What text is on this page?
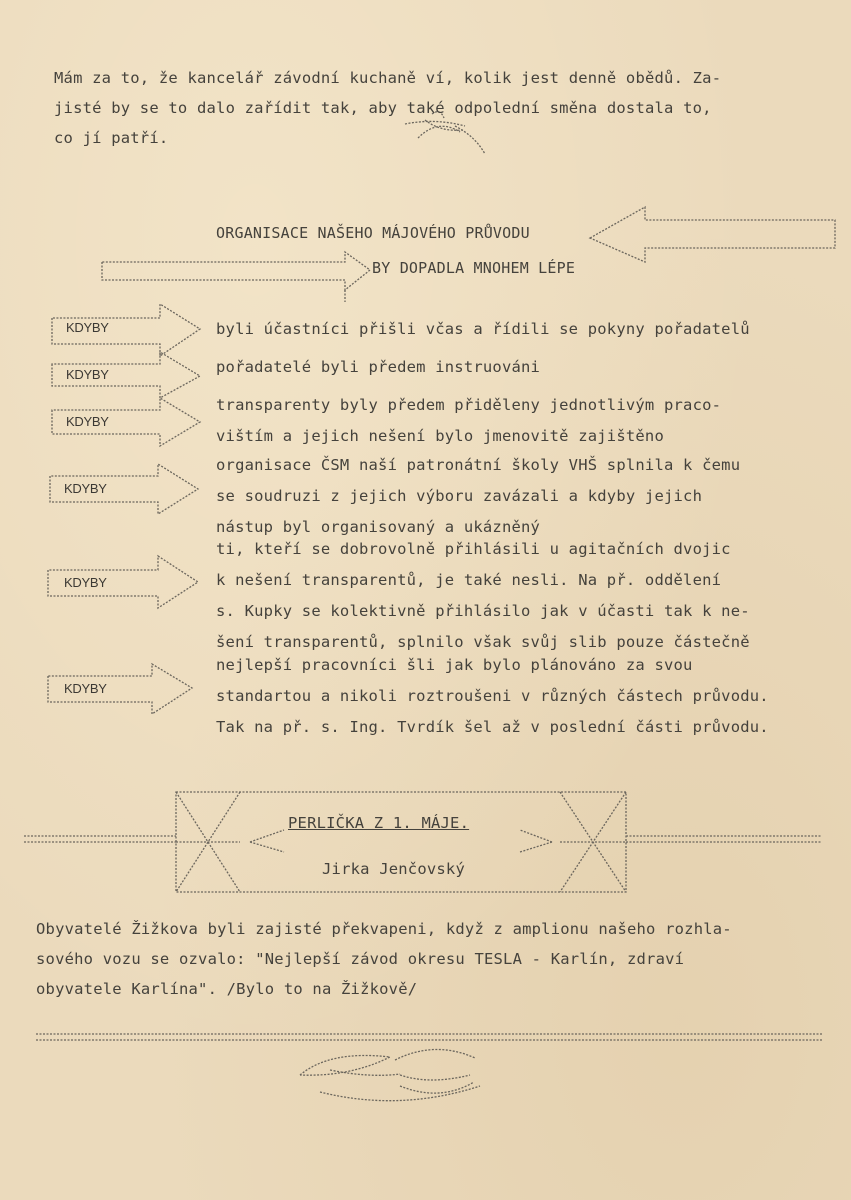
KDYBY
KDYBY
KDYBY
KDYBY
KDYBY
KDYBY
Mám za to, že kancelář závodní kuchaně ví, kolik jest denně obědů. Za-
jisté by se to dalo zařídit tak, aby také odpolední směna dostala to,
co jí patří.
ORGANISACE NAŠEHO MÁJOVÉHO PRŮVODU
BY DOPADLA MNOHEM LÉPE
byli účastníci přišli včas a řídili se pokyny pořadatelů
pořadatelé byli předem instruováni
transparenty byly předem přiděleny jednotlivým praco-
vištím a jejich nešení bylo jmenovitě zajištěno
organisace ČSM naší patronátní školy VHŠ splnila k čemu
se soudruzi z jejich výboru zavázali a kdyby jejich
nástup byl organisovaný a ukázněný
ti, kteří se dobrovolně přihlásili u agitačních dvojic
k nešení transparentů, je také nesli. Na př. oddělení
s. Kupky se kolektivně přihlásilo jak v účasti tak k ne-
šení transparentů, splnilo však svůj slib pouze částečně
nejlepší pracovníci šli jak bylo plánováno za svou
standartou a nikoli roztroušeni v různých částech průvodu.
Tak na př. s. Ing. Tvrdík šel až v poslední části průvodu.
PERLIČKA Z 1. MÁJE.
Jirka Jenčovský
Obyvatelé Žižkova byli zajisté překvapeni, když z amplionu našeho rozhla-
sového vozu se ozvalo: "Nejlepší závod okresu TESLA - Karlín, zdraví
obyvatele Karlína". /Bylo to na Žižkově/
